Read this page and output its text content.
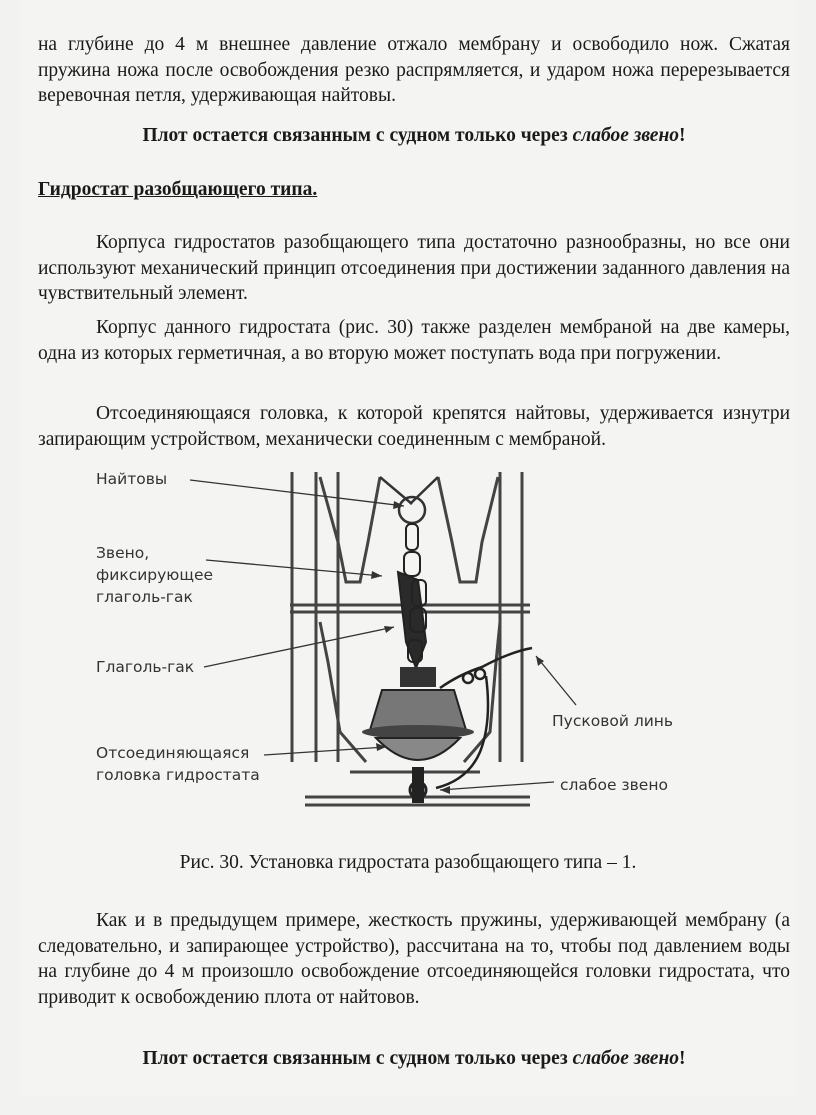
на глубине до 4 м внешнее давление отжало мембрану и освободило нож. Сжатая пружина ножа после освобождения резко распрямляется, и ударом ножа перерезывается веревочная петля, удерживающая найтовы.

Плот остается связанным с судном только через слабое звено!

Гидростат разобщающего типа.

Корпуса гидростатов разобщающего типа достаточно разнообразны, но все они используют механический принцип отсоединения при достижении заданного давления на чувствительный элемент.

Корпус данного гидростата (рис. 30) также разделен мембраной на две камеры, одна из которых герметичная, а во вторую может поступать вода при погружении.

Отсоединяющаяся головка, к которой крепятся найтовы, удерживается изнутри запирающим устройством, механически соединенным с мембраной.

Найтовы
Звено,
фиксирующее
глаголь-гак
Глаголь-гак
Отсоединяющаяся
головка гидростата
Пусковой линь
слабое звено
Рис. 30. Установка гидростата разобщающего типа – 1.

Как и в предыдущем примере, жесткость пружины, удерживающей мембрану (а следовательно, и запирающее устройство), рассчитана на то, чтобы под давлением воды на глубине до 4 м произошло освобождение отсоединяющейся головки гидростата, что приводит к освобождению плота от найтовов.

Плот остается связанным с судном только через слабое звено!
